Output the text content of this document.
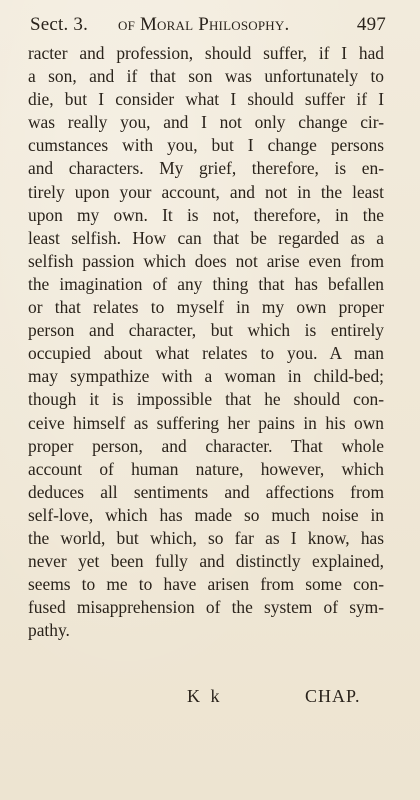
Sect. 3. of Moral Philosophy.	497
racter and profession, should suffer, if I had
a son, and if that son was unfortunately to
die, but I consider what I should suffer if I
was really you, and I not only change cir-
cumstances with you, but I change persons
and characters. My grief, therefore, is en-
tirely upon your account, and not in the least
upon my own. It is not, therefore, in the
least selfish. How can that be regarded as a
selfish passion which does not arise even from
the imagination of any thing that has befallen
or that relates to myself in my own proper
person and character, but which is entirely
occupied about what relates to you. A man
may sympathize with a woman in child-bed;
though it is impossible that he should con-
ceive himself as suffering her pains in his own
proper person, and character. That whole
account of human nature, however, which
deduces all sentiments and affections from
self-love, which has made so much noise in
the world, but which, so far as I know, has
never yet been fully and distinctly explained,
seems to me to have arisen from some con-
fused misapprehension of the system of sym-
pathy.
K k	CHAP.
